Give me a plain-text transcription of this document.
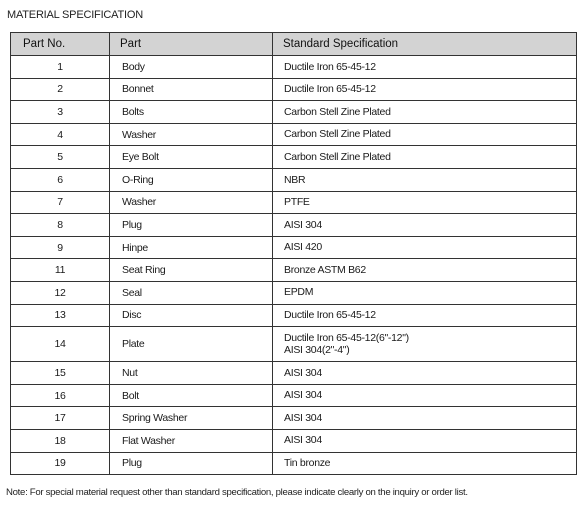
MATERIAL SPECIFICATION
Part No.	Part	Standard Specification
1	Body	Ductile Iron 65-45-12

2	Bonnet	Ductile Iron 65-45-12

3	Bolts	Carbon Stell Zine Plated

4	Washer	Carbon Stell Zine Plated

5	Eye Bolt	Carbon Stell Zine Plated

6	O-Ring	NBR

7	Washer	PTFE

8	Plug	AISI 304

9	Hinpe	AISI 420

11	Seat Ring	Bronze ASTM B62

12	Seal	EPDM

13	Disc	Ductile Iron 65-45-12

14	Plate	Ductile Iron 65-45-12(6"-12")
AISI 304(2"-4")

15	Nut	AISI 304

16	Bolt	AISI 304

17	Spring Washer	AISI 304

18	Flat Washer	AISI 304

19	Plug	Tin bronze
Note: For special material request other than standard specification, please indicate clearly on the inquiry or order list.
